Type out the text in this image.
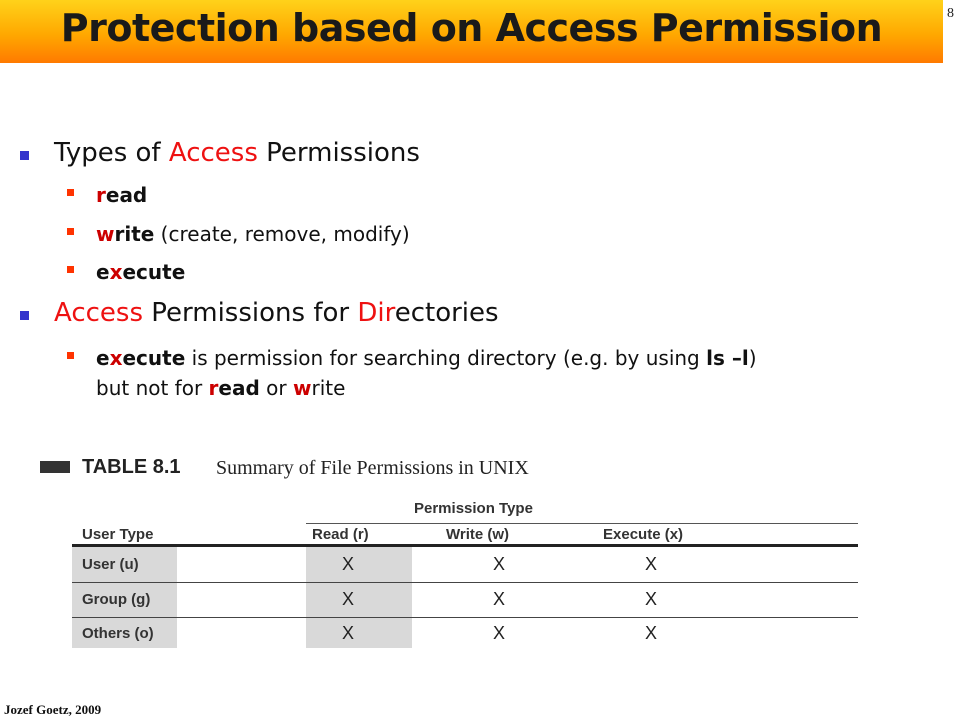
Protection based on Access Permission	8
Types of Access Permissions
read
write (create, remove, modify)
execute
Access Permissions for Directories
execute is permission for searching directory (e.g. by using ls –l)
but not for read or write
TABLE 8.1 Summary of File Permissions in UNIX
Permission Type
User Type	Read (r)	Write (w)	Execute (x)
User (u)	X	X	X
Group (g)	X	X	X
Others (o)	X	X	X
Jozef Goetz, 2009
